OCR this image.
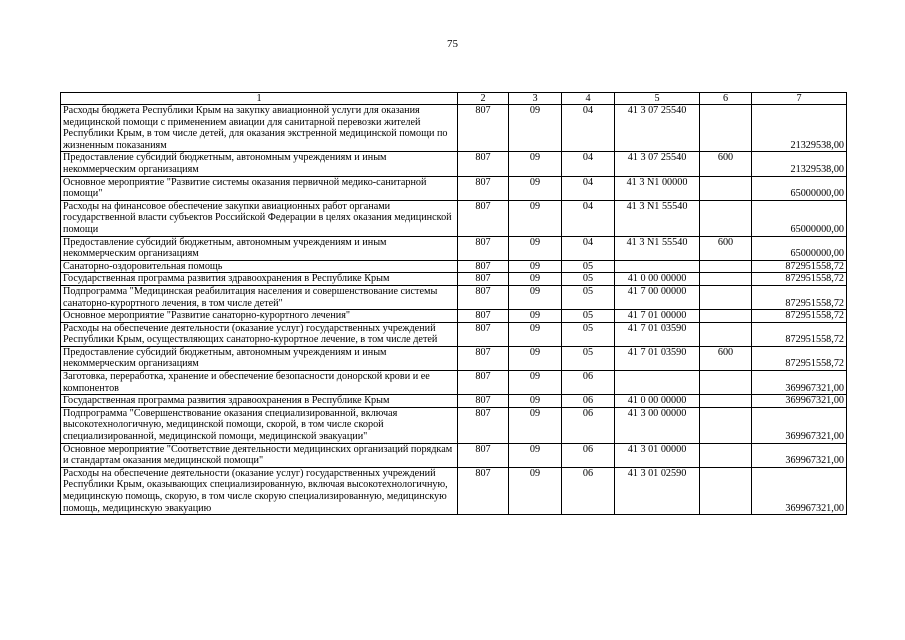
75
1	2	3	4	5	6	7
Расходы бюджета Республики Крым на закупку авиационной услуги для оказания медицинской помощи с применением авиации для санитарной перевозки жителей Республики Крым, в том числе детей, для оказания экстренной медицинской помощи по жизненным показаниям	807	09	04	41 3 07 25540		21329538,00
Предоставление субсидий бюджетным, автономным учреждениям и иным некоммерческим организациям	807	09	04	41 3 07 25540	600	21329538,00
Основное мероприятие "Развитие системы оказания первичной медико-санитарной помощи"	807	09	04	41 3 N1 00000		65000000,00
Расходы на финансовое обеспечение закупки авиационных работ органами государственной власти субъектов Российской Федерации в целях оказания медицинской помощи	807	09	04	41 3 N1 55540		65000000,00
Предоставление субсидий бюджетным, автономным учреждениям и иным некоммерческим организациям	807	09	04	41 3 N1 55540	600	65000000,00
Санаторно-оздоровительная помощь	807	09	05			872951558,72
Государственная программа развития здравоохранения в Республике Крым	807	09	05	41 0 00 00000		872951558,72
Подпрограмма "Медицинская реабилитация населения и совершенствование системы санаторно-курортного лечения, в том числе детей"	807	09	05	41 7 00 00000		872951558,72
Основное мероприятие "Развитие санаторно-курортного лечения"	807	09	05	41 7 01 00000		872951558,72
Расходы на обеспечение деятельности (оказание услуг) государственных учреждений Республики Крым, осуществляющих санаторно-курортное лечение, в том числе детей	807	09	05	41 7 01 03590		872951558,72
Предоставление субсидий бюджетным, автономным учреждениям и иным некоммерческим организациям	807	09	05	41 7 01 03590	600	872951558,72
Заготовка, переработка, хранение и обеспечение безопасности донорской крови и ее компонентов	807	09	06			369967321,00
Государственная программа развития здравоохранения в Республике Крым	807	09	06	41 0 00 00000		369967321,00
Подпрограмма "Совершенствование оказания специализированной, включая высокотехнологичную, медицинской помощи, скорой, в том числе скорой специализированной, медицинской помощи, медицинской эвакуации"	807	09	06	41 3 00 00000		369967321,00
Основное мероприятие "Соответствие деятельности медицинских организаций порядкам и стандартам оказания медицинской помощи"	807	09	06	41 3 01 00000		369967321,00
Расходы на обеспечение деятельности (оказание услуг) государственных учреждений Республики Крым, оказывающих специализированную, включая высокотехнологичную, медицинскую помощь, скорую, в том числе скорую специализированную, медицинскую помощь, медицинскую эвакуацию	807	09	06	41 3 01 02590		369967321,00
